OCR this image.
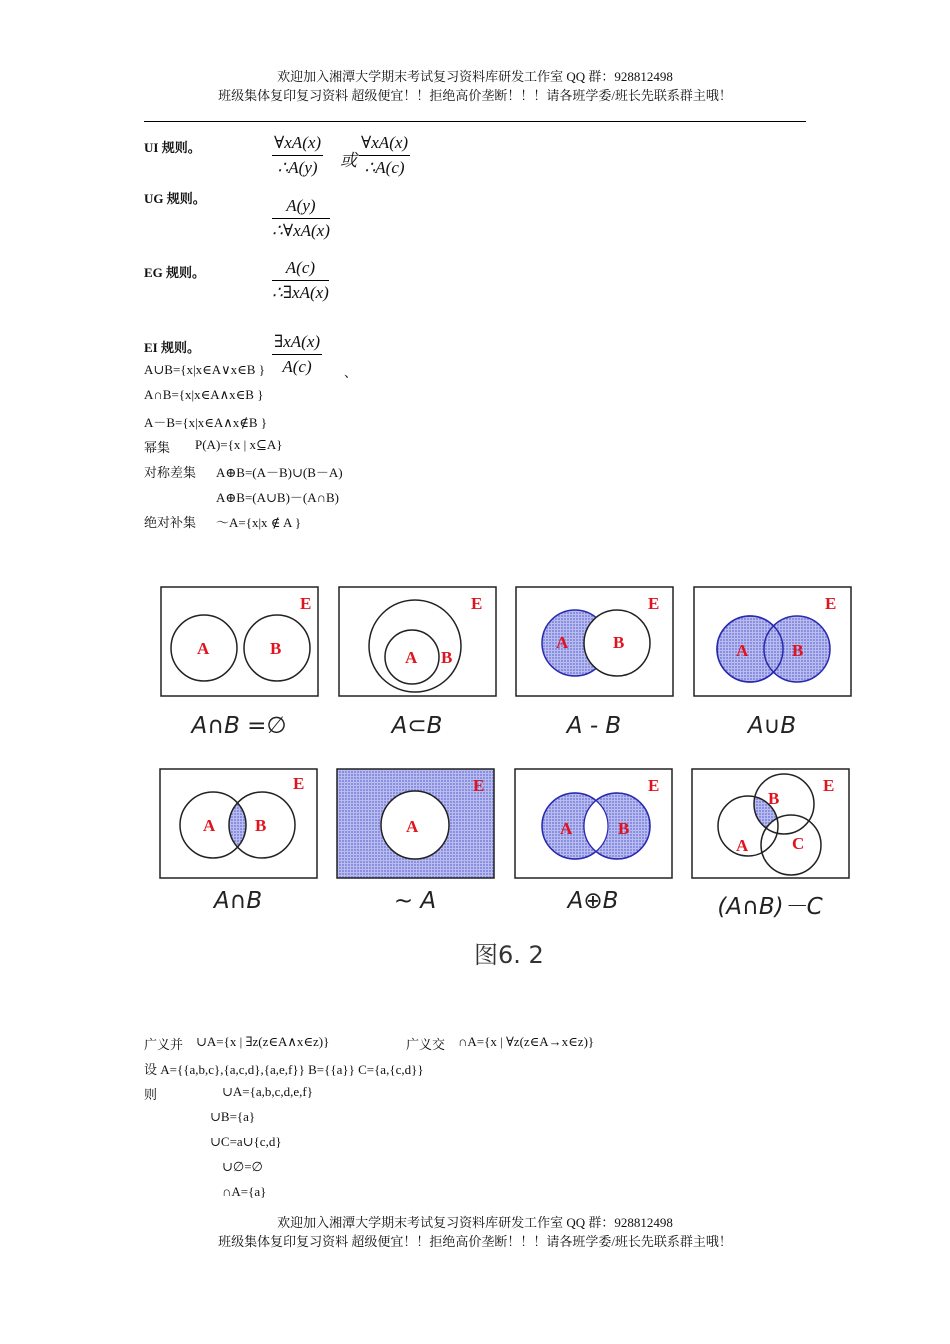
欢迎加入湘潭大学期末考试复习资料库研发工作室 QQ 群：928812498
班级集体复印复习资料 超级便宜！！拒绝高价垄断！！！请各班学委/班长先联系群主哦！
UI 规则。	$\frac{\forall xA(x)}{\therefore A(y)}$ 或 $\frac{\forall xA(x)}{\therefore A(c)}$
UG 规则。	$\frac{A(y)}{\therefore\forall xA(x)}$
EG 规则。	$\frac{A(c)}{\therefore\exists xA(x)}$
EI 规则。	$\frac{\exists xA(x)}{A(c)}$
A∪B={x|x∈A∨x∈B }	、
A∩B={x|x∈A∧x∈B }
A－B={x|x∈A∧x∉B }
幂集 P(A)={x | x⊆A}
对称差集 A⊕B=(A－B)∪(B－A)
A⊕B=(A∪B)－(A∩B)
绝对补集 ～A={x|x ∉ A }
E
A	B
E
A B
E
A	B
E
A	B
E
A B
E
A
E
A	B
E
A
B
C
A∩B =∅	A⊂B	A - B	A∪B
A∩B	~ A	A⊕B	(A∩B)－C
图6. 2
广义并 ∪A={x | ∃z(z∈A∧x∈z)}	广义交 ∩A={x | ∀z(z∈A→x∈z)}
设 A={{a,b,c},{a,c,d},{a,e,f}} B={{a}} C={a,{c,d}}
则	∪A={a,b,c,d,e,f}
∪B={a}
∪C=a∪{c,d}
∪∅=∅
∩A={a}
欢迎加入湘潭大学期末考试复习资料库研发工作室 QQ 群：928812498
班级集体复印复习资料 超级便宜！！拒绝高价垄断！！！请各班学委/班长先联系群主哦！
